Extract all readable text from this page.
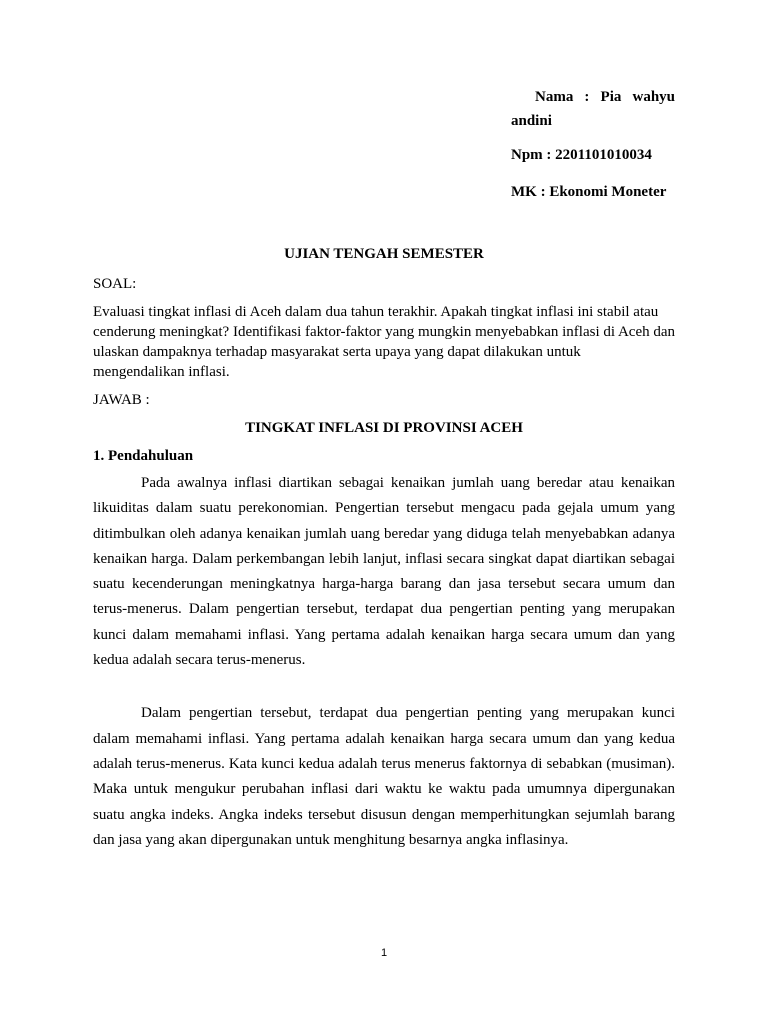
Nama : Pia wahyu
andini
Npm : 2201101010034
MK : Ekonomi Moneter
UJIAN TENGAH SEMESTER

SOAL:

Evaluasi tingkat inflasi di Aceh dalam dua tahun terakhir. Apakah tingkat inflasi ini stabil atau cenderung meningkat? Identifikasi faktor-faktor yang mungkin menyebabkan inflasi di Aceh dan ulaskan dampaknya terhadap masyarakat serta upaya yang dapat dilakukan untuk mengendalikan inflasi.

JAWAB :

TINGKAT INFLASI DI PROVINSI ACEH

1. Pendahuluan

Pada awalnya inflasi diartikan sebagai kenaikan jumlah uang beredar atau kenaikan likuiditas dalam suatu perekonomian. Pengertian tersebut mengacu pada gejala umum yang ditimbulkan oleh adanya kenaikan jumlah uang beredar yang diduga telah menyebabkan adanya kenaikan harga. Dalam perkembangan lebih lanjut, inflasi secara singkat dapat diartikan sebagai suatu kecenderungan meningkatnya harga-harga barang dan jasa tersebut secara umum dan terus-menerus. Dalam pengertian tersebut, terdapat dua pengertian penting yang merupakan kunci dalam memahami inflasi. Yang pertama adalah kenaikan harga secara umum dan yang kedua adalah secara terus-menerus.

Dalam pengertian tersebut, terdapat dua pengertian penting yang merupakan kunci dalam memahami inflasi. Yang pertama adalah kenaikan harga secara umum dan yang kedua adalah terus-menerus. Kata kunci kedua adalah terus menerus faktornya di sebabkan (musiman). Maka untuk mengukur perubahan inflasi dari waktu ke waktu pada umumnya dipergunakan suatu angka indeks. Angka indeks tersebut disusun dengan memperhitungkan sejumlah barang dan jasa yang akan dipergunakan untuk menghitung besarnya angka inflasinya.

1
